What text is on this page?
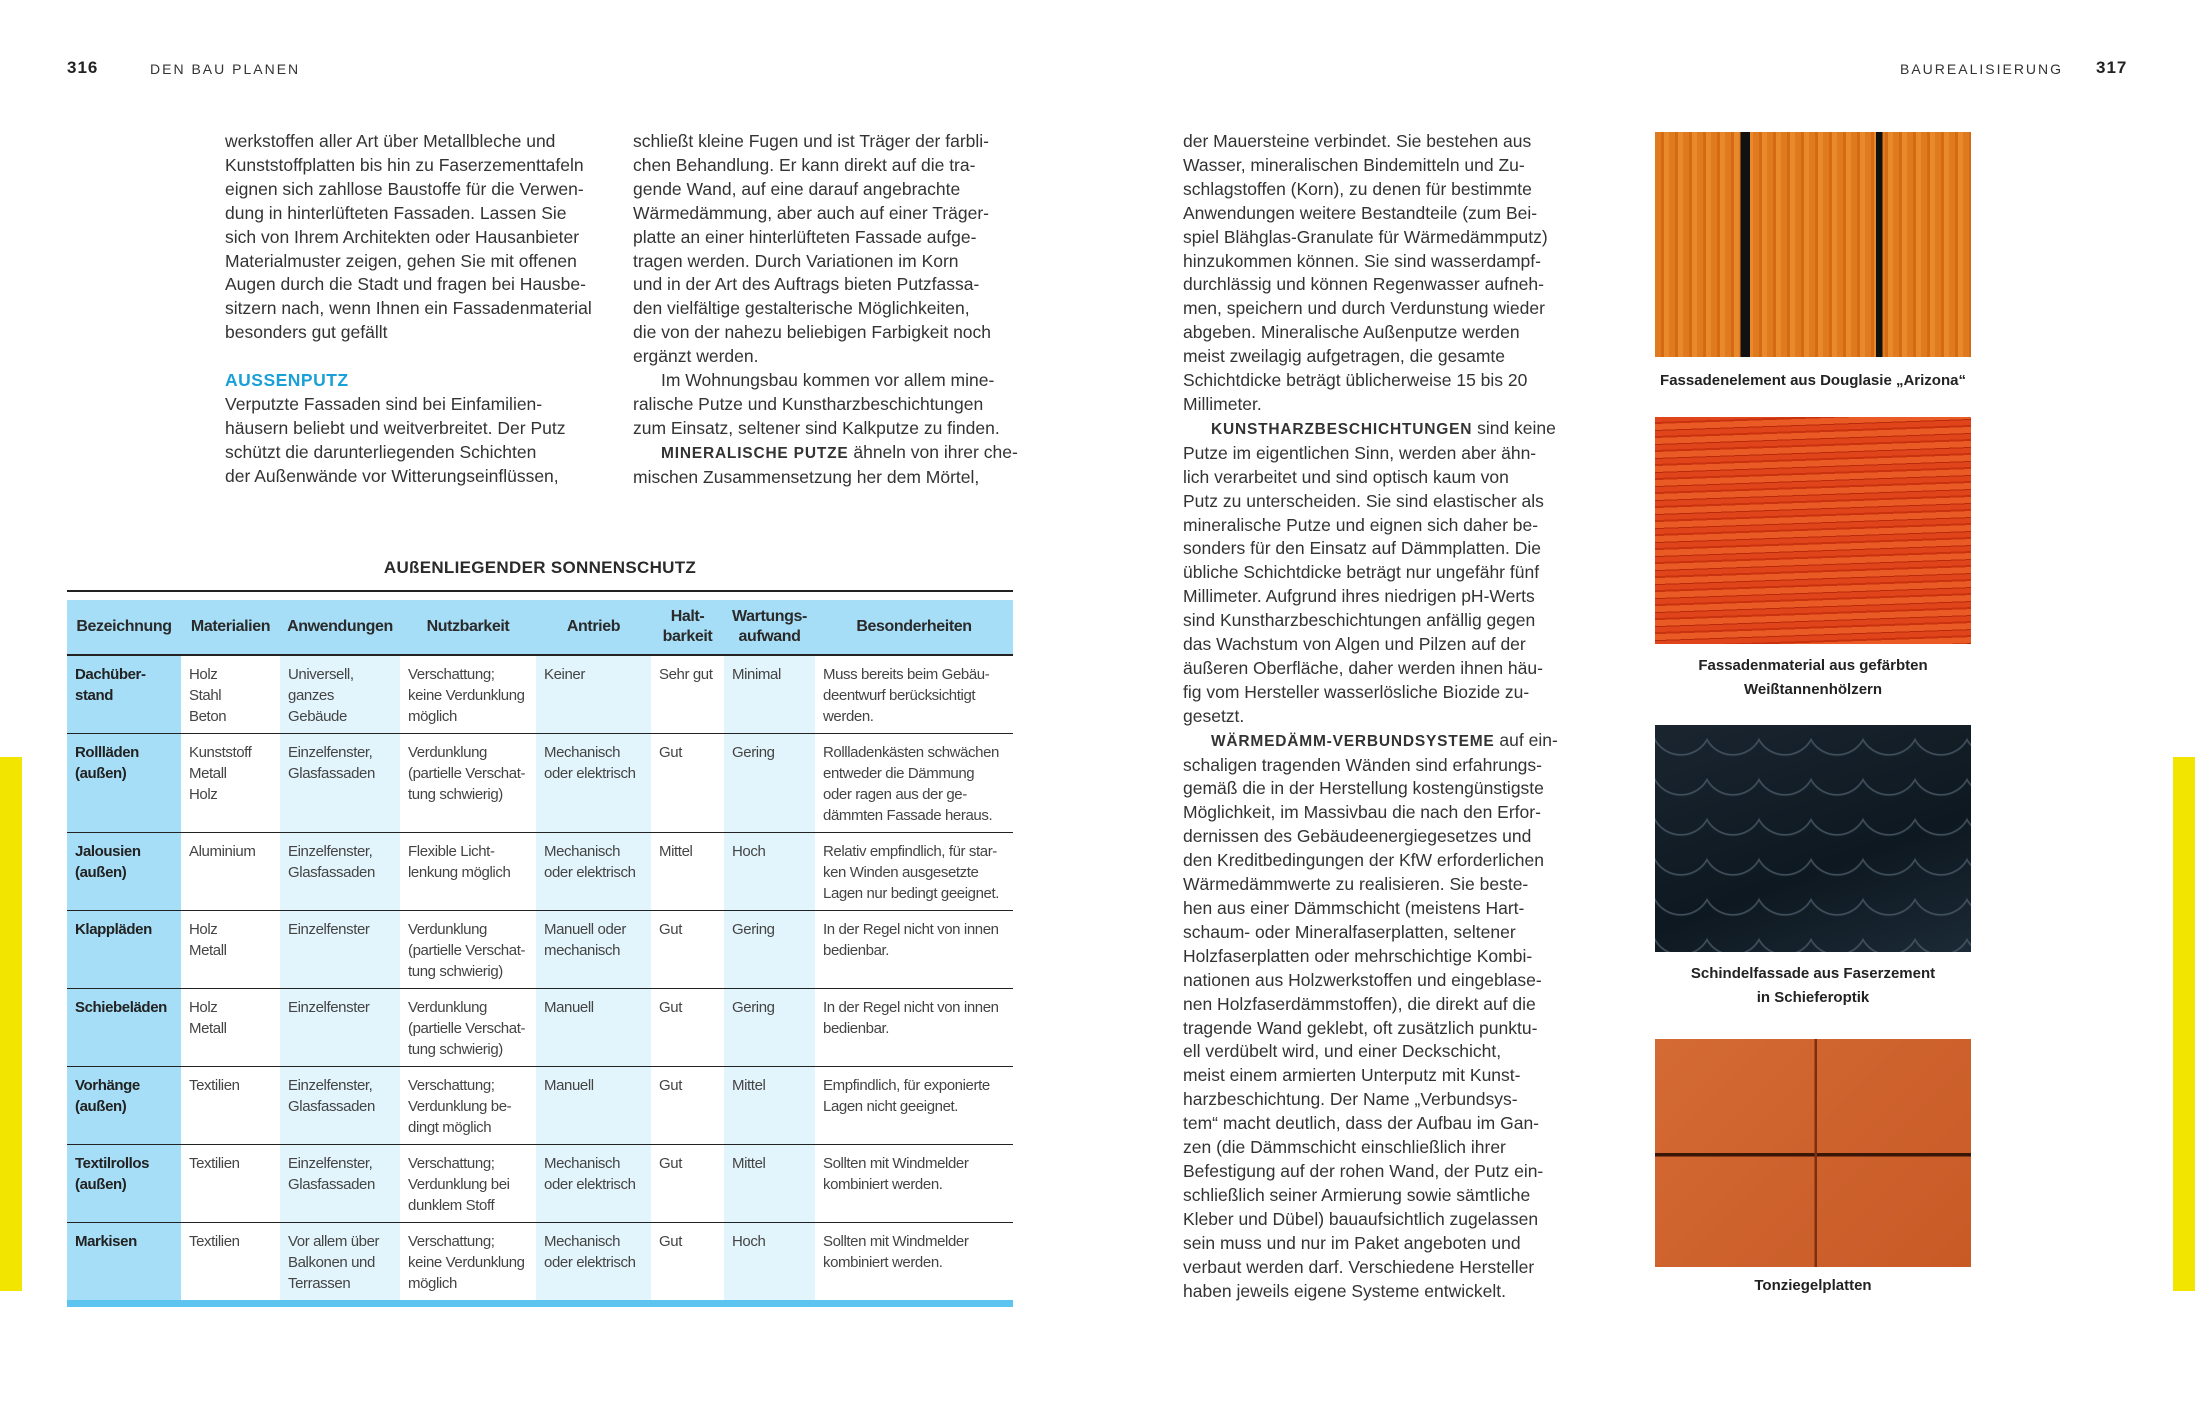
316	DEN BAU PLANEN	BAUREALISIERUNG 317
werkstoffen aller Art über Metallbleche und
Kunststoffplatten bis hin zu Faserzementtafeln
eignen sich zahllose Baustoffe für die Verwen-
dung in hinterlüfteten Fassaden. Lassen Sie
sich von Ihrem Architekten oder Hausanbieter
Materialmuster zeigen, gehen Sie mit offenen
Augen durch die Stadt und fragen bei Hausbe-
sitzern nach, wenn Ihnen ein Fassadenmaterial
besonders gut gefällt

AUSSENPUTZ
Verputzte Fassaden sind bei Einfamilien-
häusern beliebt und weitverbreitet. Der Putz
schützt die darunterliegenden Schichten
der Außenwände vor Witterungseinflüssen,
schließt kleine Fugen und ist Träger der farbli-
chen Behandlung. Er kann direkt auf die tra-
gende Wand, auf eine darauf angebrachte
Wärmedämmung, aber auch auf einer Träger-
platte an einer hinterlüfteten Fassade aufge-
tragen werden. Durch Variationen im Korn
und in der Art des Auftrags bieten Putzfassa-
den vielfältige gestalterische Möglichkeiten,
die von der nahezu beliebigen Farbigkeit noch
ergänzt werden.
Im Wohnungsbau kommen vor allem mine-
ralische Putze und Kunstharzbeschichtungen
zum Einsatz, seltener sind Kalkputze zu finden.
MINERALISCHE PUTZE ähneln von ihrer che-
mischen Zusammensetzung her dem Mörtel,
der Mauersteine verbindet. Sie bestehen aus
Wasser, mineralischen Bindemitteln und Zu-
schlagstoffen (Korn), zu denen für bestimmte
Anwendungen weitere Bestandteile (zum Bei-
spiel Blähglas-Granulate für Wärmedämmputz)
hinzukommen können. Sie sind wasserdampf-
durchlässig und können Regenwasser aufneh-
men, speichern und durch Verdunstung wieder
abgeben. Mineralische Außenputze werden
meist zweilagig aufgetragen, die gesamte
Schichtdicke beträgt üblicherweise 15 bis 20
Millimeter.
KUNSTHARZBESCHICHTUNGEN sind keine
Putze im eigentlichen Sinn, werden aber ähn-
lich verarbeitet und sind optisch kaum von
Putz zu unterscheiden. Sie sind elastischer als
mineralische Putze und eignen sich daher be-
sonders für den Einsatz auf Dämmplatten. Die
übliche Schichtdicke beträgt nur ungefähr fünf
Millimeter. Aufgrund ihres niedrigen pH-Werts
sind Kunstharzbeschichtungen anfällig gegen
das Wachstum von Algen und Pilzen auf der
äußeren Oberfläche, daher werden ihnen häu-
fig vom Hersteller wasserlösliche Biozide zu-
gesetzt.
WÄRMEDÄMM-VERBUNDSYSTEME auf ein-
schaligen tragenden Wänden sind erfahrungs-
gemäß die in der Herstellung kostengünstigste
Möglichkeit, im Massivbau die nach den Erfor-
dernissen des Gebäudeenergiegesetzes und
den Kreditbedingungen der KfW erforderlichen
Wärmedämmwerte zu realisieren. Sie beste-
hen aus einer Dämmschicht (meistens Hart-
schaum- oder Mineralfaserplatten, seltener
Holzfaserplatten oder mehrschichtige Kombi-
nationen aus Holzwerkstoffen und eingeblase-
nen Holzfaserdämmstoffen), die direkt auf die
tragende Wand geklebt, oft zusätzlich punktu-
ell verdübelt wird, und einer Deckschicht,
meist einem armierten Unterputz mit Kunst-
harzbeschichtung. Der Name „Verbundsys-
tem“ macht deutlich, dass der Aufbau im Gan-
zen (die Dämmschicht einschließlich ihrer
Befestigung auf der rohen Wand, der Putz ein-
schließlich seiner Armierung sowie sämtliche
Kleber und Dübel) bauaufsichtlich zugelassen
sein muss und nur im Paket angeboten und
verbaut werden darf. Verschiedene Hersteller
haben jeweils eigene Systeme entwickelt.
AUßENLIEGENDER SONNENSCHUTZ
Bezeichnung	Materialien	Anwendungen	Nutzbarkeit	Antrieb	Halt-
barkeit	Wartungs-
aufwand	Besonderheiten
Dachüber-
stand	Holz
Stahl
Beton	Universell,
ganzes Gebäude	Verschattung;
keine Verdunklung
möglich	Keiner	Sehr gut	Minimal	Muss bereits beim Gebäu-
deentwurf berücksichtigt
werden.
Rollläden
(außen)	Kunststoff
Metall
Holz	Einzelfenster,
Glasfassaden	Verdunklung
(partielle Verschat-
tung schwierig)	Mechanisch
oder elektrisch	Gut	Gering	Rollladenkästen schwächen
entweder die Dämmung
oder ragen aus der ge-
dämmten Fassade heraus.
Jalousien
(außen)	Aluminium	Einzelfenster,
Glasfassaden	Flexible Licht-
lenkung möglich	Mechanisch
oder elektrisch	Mittel	Hoch	Relativ empfindlich, für star-
ken Winden ausgesetzte
Lagen nur bedingt geeignet.
Klappläden	Holz
Metall	Einzelfenster	Verdunklung
(partielle Verschat-
tung schwierig)	Manuell oder
mechanisch	Gut	Gering	In der Regel nicht von innen
bedienbar.
Schiebeläden	Holz
Metall	Einzelfenster	Verdunklung
(partielle Verschat-
tung schwierig)	Manuell	Gut	Gering	In der Regel nicht von innen
bedienbar.
Vorhänge
(außen)	Textilien	Einzelfenster,
Glasfassaden	Verschattung;
Verdunklung be-
dingt möglich	Manuell	Gut	Mittel	Empfindlich, für exponierte
Lagen nicht geeignet.
Textilrollos
(außen)	Textilien	Einzelfenster,
Glasfassaden	Verschattung;
Verdunklung bei
dunklem Stoff	Mechanisch
oder elektrisch	Gut	Mittel	Sollten mit Windmelder
kombiniert werden.
Markisen	Textilien	Vor allem über
Balkonen und
Terrassen	Verschattung;
keine Verdunklung
möglich	Mechanisch
oder elektrisch	Gut	Hoch	Sollten mit Windmelder
kombiniert werden.
Fassadenelement aus Douglasie „Arizona“
Fassadenmaterial aus gefärbten
Weißtannenhölzern
Schindelfassade aus Faserzement
in Schieferoptik
Tonziegelplatten
